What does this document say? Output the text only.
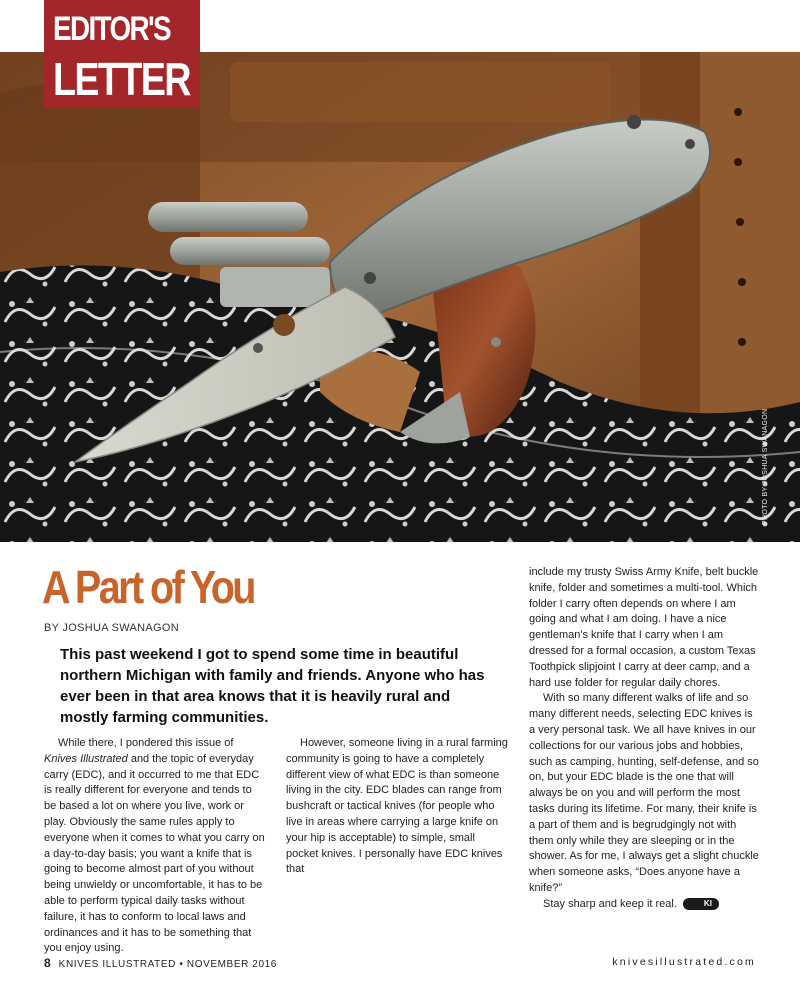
EDITOR'S
LETTER
PHOTO BY JOSHUA SWANAGON
A Part of You
BY JOSHUA SWANAGON
This past weekend I got to spend some time in beautiful northern Michigan with family and friends. Anyone who has ever been in that area knows that it is heavily rural and mostly farming communities.

While there, I pondered this issue of Knives Illustrated and the topic of everyday carry (EDC), and it occurred to me that EDC is really different for everyone and tends to be based a lot on where you live, work or play. Obviously the same rules apply to everyone when it comes to what you carry on a day-to-day basis; you want a knife that is going to become almost part of you without being unwieldy or uncomfortable, it has to be able to perform typical daily tasks without failure, it has to conform to local laws and ordinances and it has to be something that you enjoy using.

However, someone living in a rural farming community is going to have a completely different view of what EDC is than someone living in the city. EDC blades can range from bushcraft or tactical knives (for people who live in areas where carrying a large knife on your hip is acceptable) to simple, small pocket knives. I personally have EDC knives that

include my trusty Swiss Army Knife, belt buckle knife, folder and sometimes a multi-tool. Which folder I carry often depends on where I am going and what I am doing. I have a nice gentleman's knife that I carry when I am dressed for a formal occasion, a custom Texas Toothpick slipjoint I carry at deer camp, and a hard use folder for regular daily chores.

With so many different walks of life and so many different needs, selecting EDC knives is a very personal task. We all have knives in our collections for our various jobs and hobbies, such as camping, hunting, self-defense, and so on, but your EDC blade is the one that will always be on you and will perform the most tasks during its lifetime. For many, their knife is a part of them and is begrudgingly not with them only while they are sleeping or in the shower. As for me, I always get a slight chuckle when someone asks, “Does anyone have a knife?”

Stay sharp and keep it real.	KI

8 KNIVES ILLUSTRATED • NOVEMBER 2016	knivesillustrated.com
